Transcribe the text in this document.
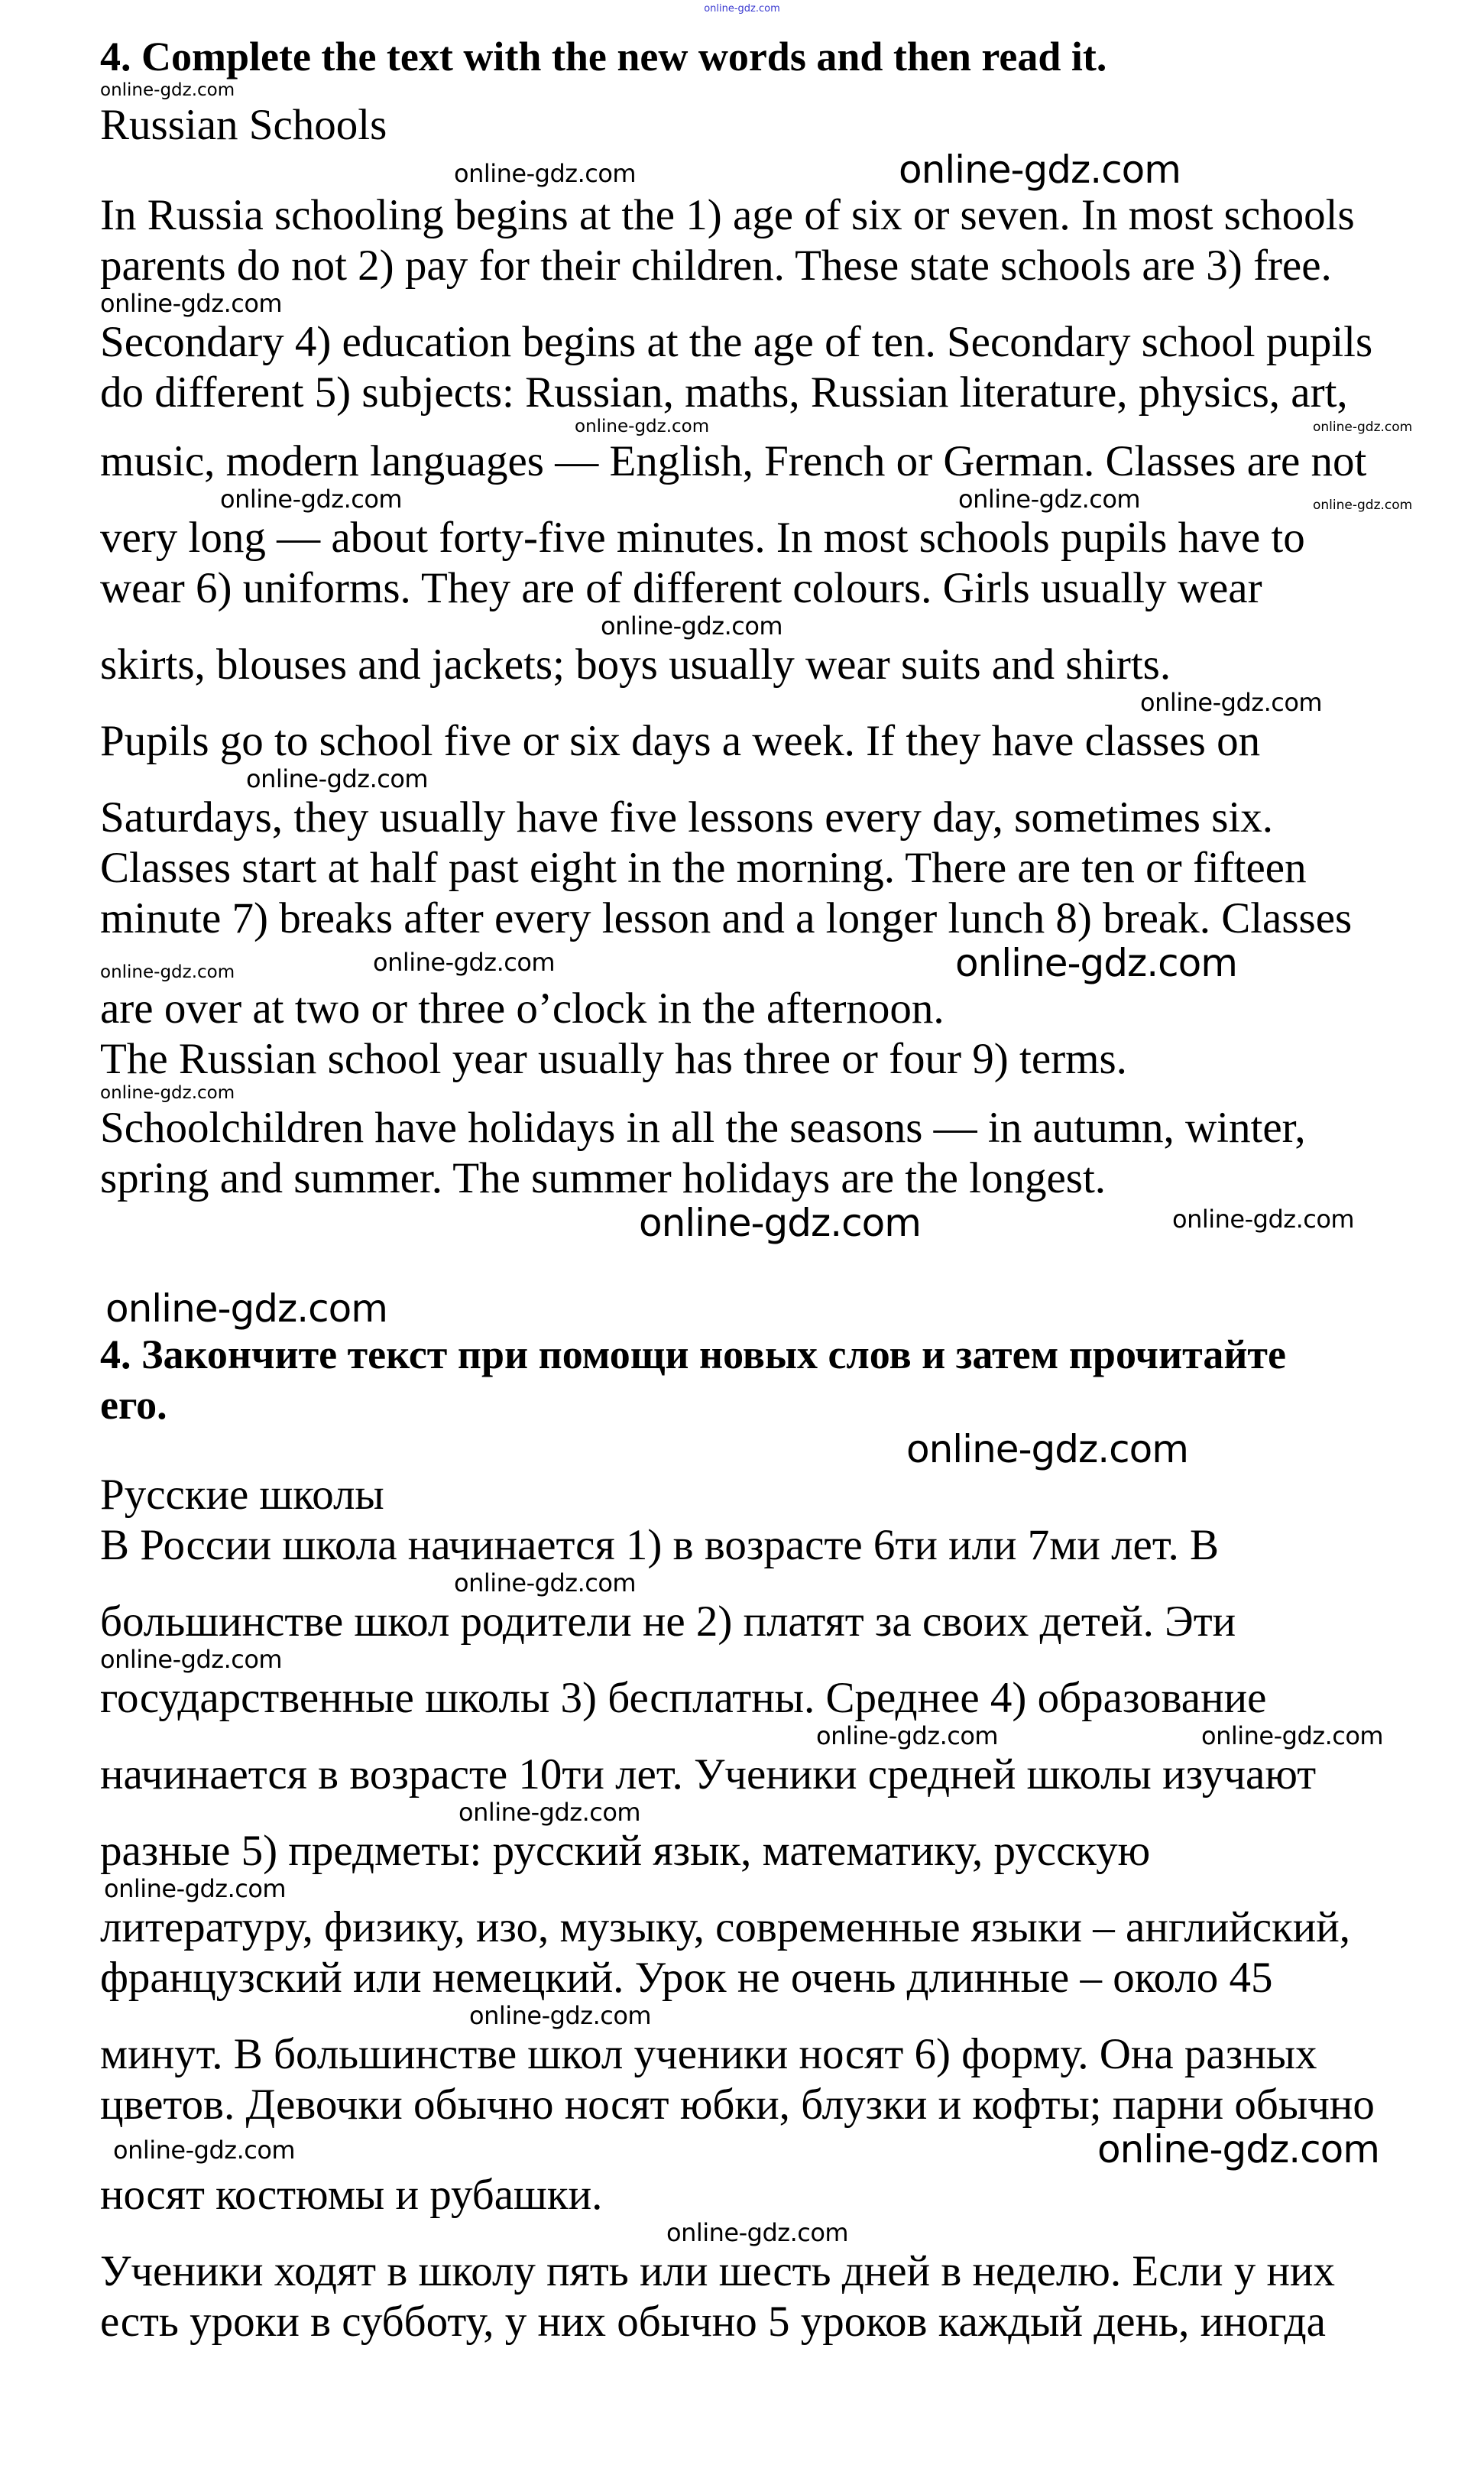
online-gdz.com
4. Complete the text with the new words and then read it.
online-gdz.com
Russian Schools
online-gdz.com	online-gdz.com
In Russia schooling begins at the 1) age of six or seven. In most schools
parents do not 2) pay for their children. These state schools are 3) free.
online-gdz.com
Secondary 4) education begins at the age of ten. Secondary school pupils
do different 5) subjects: Russian, maths, Russian literature, physics, art,
online-gdz.com	online-gdz.com
music, modern languages — English, French or German. Classes are not
online-gdz.com	online-gdz.com	online-gdz.com
very long — about forty-five minutes. In most schools pupils have to
wear 6) uniforms. They are of different colours. Girls usually wear
online-gdz.com
skirts, blouses and jackets; boys usually wear suits and shirts.
online-gdz.com
Pupils go to school five or six days a week. If they have classes on
online-gdz.com
Saturdays, they usually have five lessons every day, sometimes six.
Classes start at half past eight in the morning. There are ten or fifteen
minute 7) breaks after every lesson and a longer lunch 8) break. Classes
online-gdz.com	online-gdz.com	online-gdz.com
are over at two or three o’clock in the afternoon.
The Russian school year usually has three or four 9) terms.
online-gdz.com
Schoolchildren have holidays in all the seasons — in autumn, winter,
spring and summer. The summer holidays are the longest.
online-gdz.com	online-gdz.com
online-gdz.com
4. Закончите текст при помощи новых слов и затем прочитайте
его.
online-gdz.com
Русские школы
В России школа начинается 1) в возрасте 6ти или 7ми лет. В
online-gdz.com
большинстве школ родители не 2) платят за своих детей. Эти
online-gdz.com
государственные школы 3) бесплатны. Среднее 4) образование
online-gdz.com	online-gdz.com
начинается в возрасте 10ти лет. Ученики средней школы изучают
online-gdz.com
разные 5) предметы: русский язык, математику, русскую
online-gdz.com
литературу, физику, изо, музыку, современные языки – английский,
французский или немецкий. Урок не очень длинные – около 45
online-gdz.com
минут. В большинстве школ ученики носят 6) форму. Она разных
цветов. Девочки обычно носят юбки, блузки и кофты; парни обычно
online-gdz.com	online-gdz.com
носят костюмы и рубашки.
online-gdz.com
Ученики ходят в школу пять или шесть дней в неделю. Если у них
есть уроки в субботу, у них обычно 5 уроков каждый день, иногда
